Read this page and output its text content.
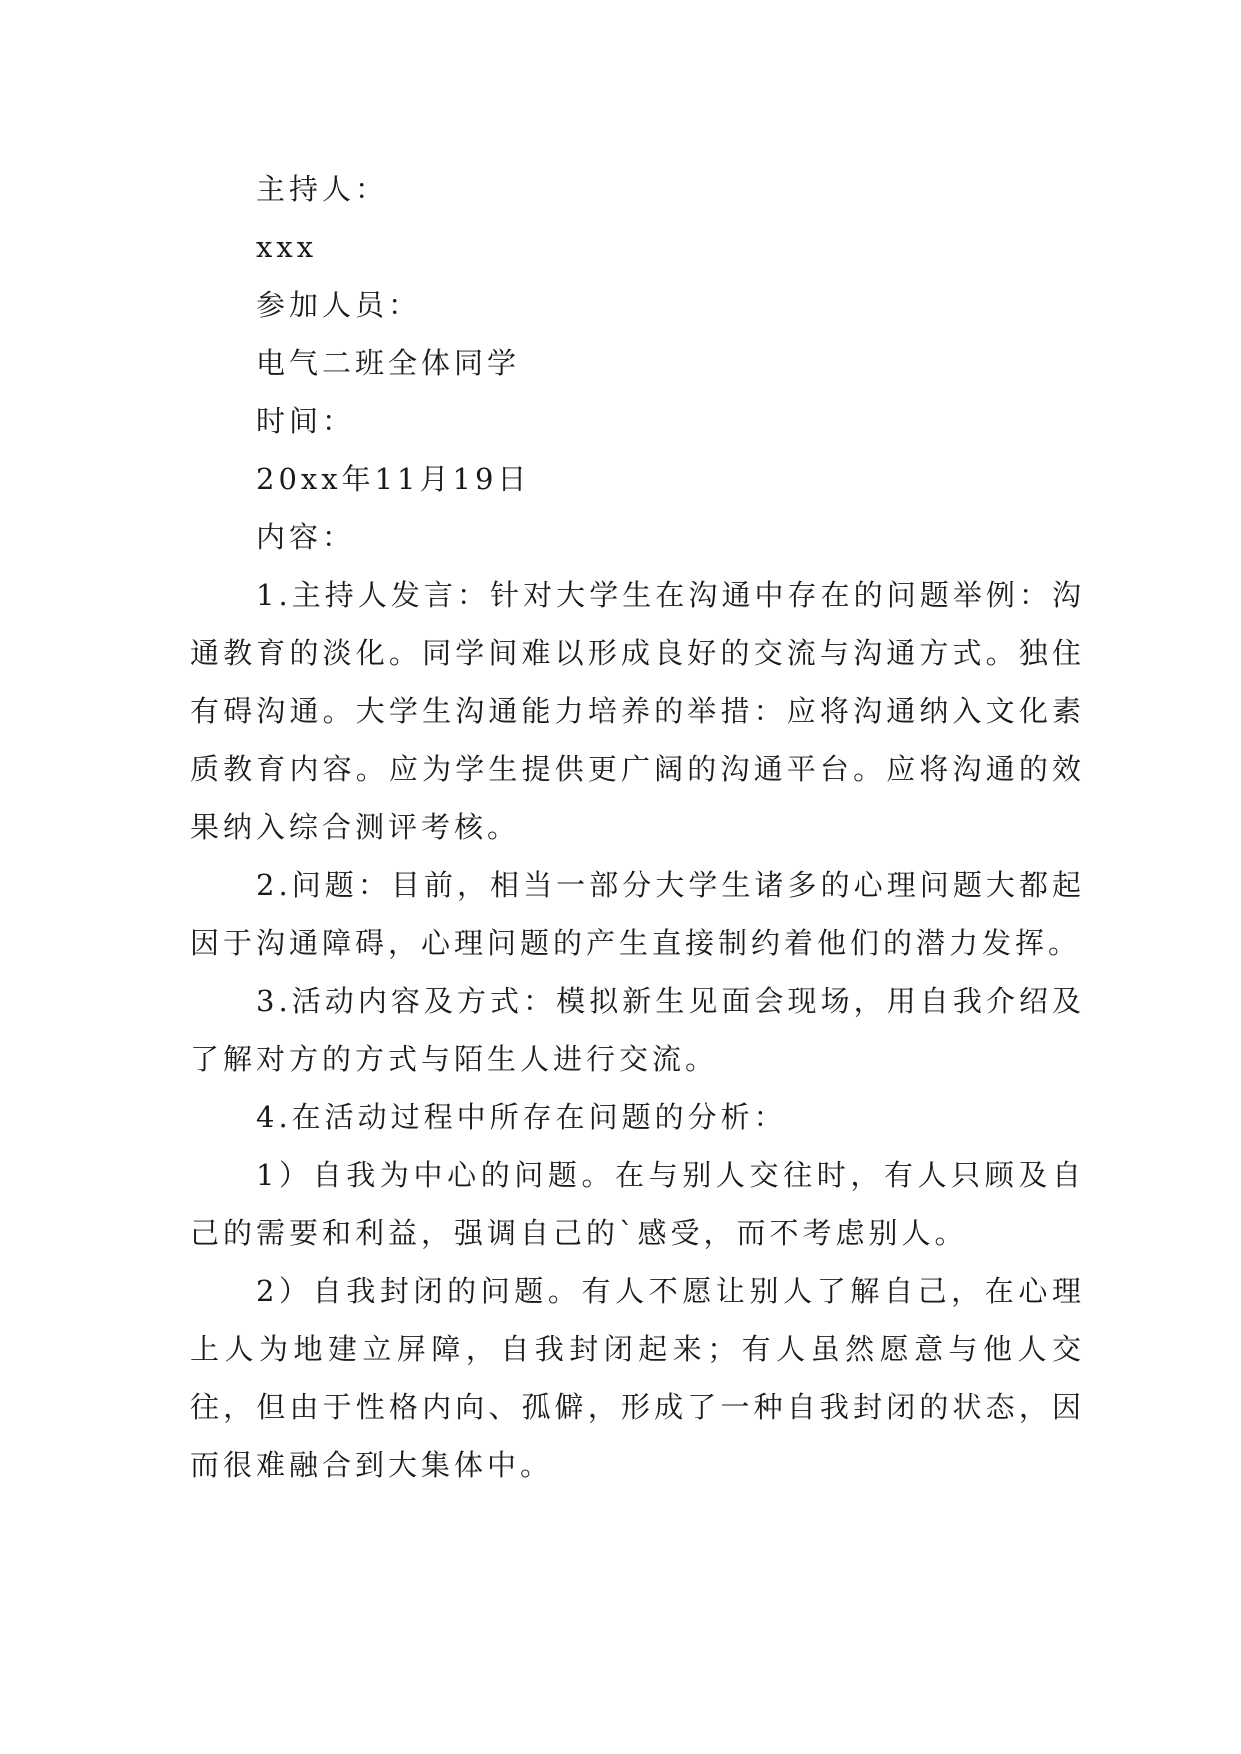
主持人：

xxx

参加人员：

电气二班全体同学

时间：

20xx年11月19日

内容：

1.主持人发言：针对大学生在沟通中存在的问题举例：沟通教育的淡化。同学间难以形成良好的交流与沟通方式。独住有碍沟通。大学生沟通能力培养的举措：应将沟通纳入文化素质教育内容。应为学生提供更广阔的沟通平台。应将沟通的效果纳入综合测评考核。

2.问题：目前，相当一部分大学生诸多的心理问题大都起因于沟通障碍，心理问题的产生直接制约着他们的潜力发挥。

3.活动内容及方式：模拟新生见面会现场，用自我介绍及了解对方的方式与陌生人进行交流。

4.在活动过程中所存在问题的分析：

1）自我为中心的问题。在与别人交往时，有人只顾及自己的需要和利益，强调自己的`感受，而不考虑别人。

2）自我封闭的问题。有人不愿让别人了解自己，在心理上人为地建立屏障，自我封闭起来；有人虽然愿意与他人交往，但由于性格内向、孤僻，形成了一种自我封闭的状态，因而很难融合到大集体中。
